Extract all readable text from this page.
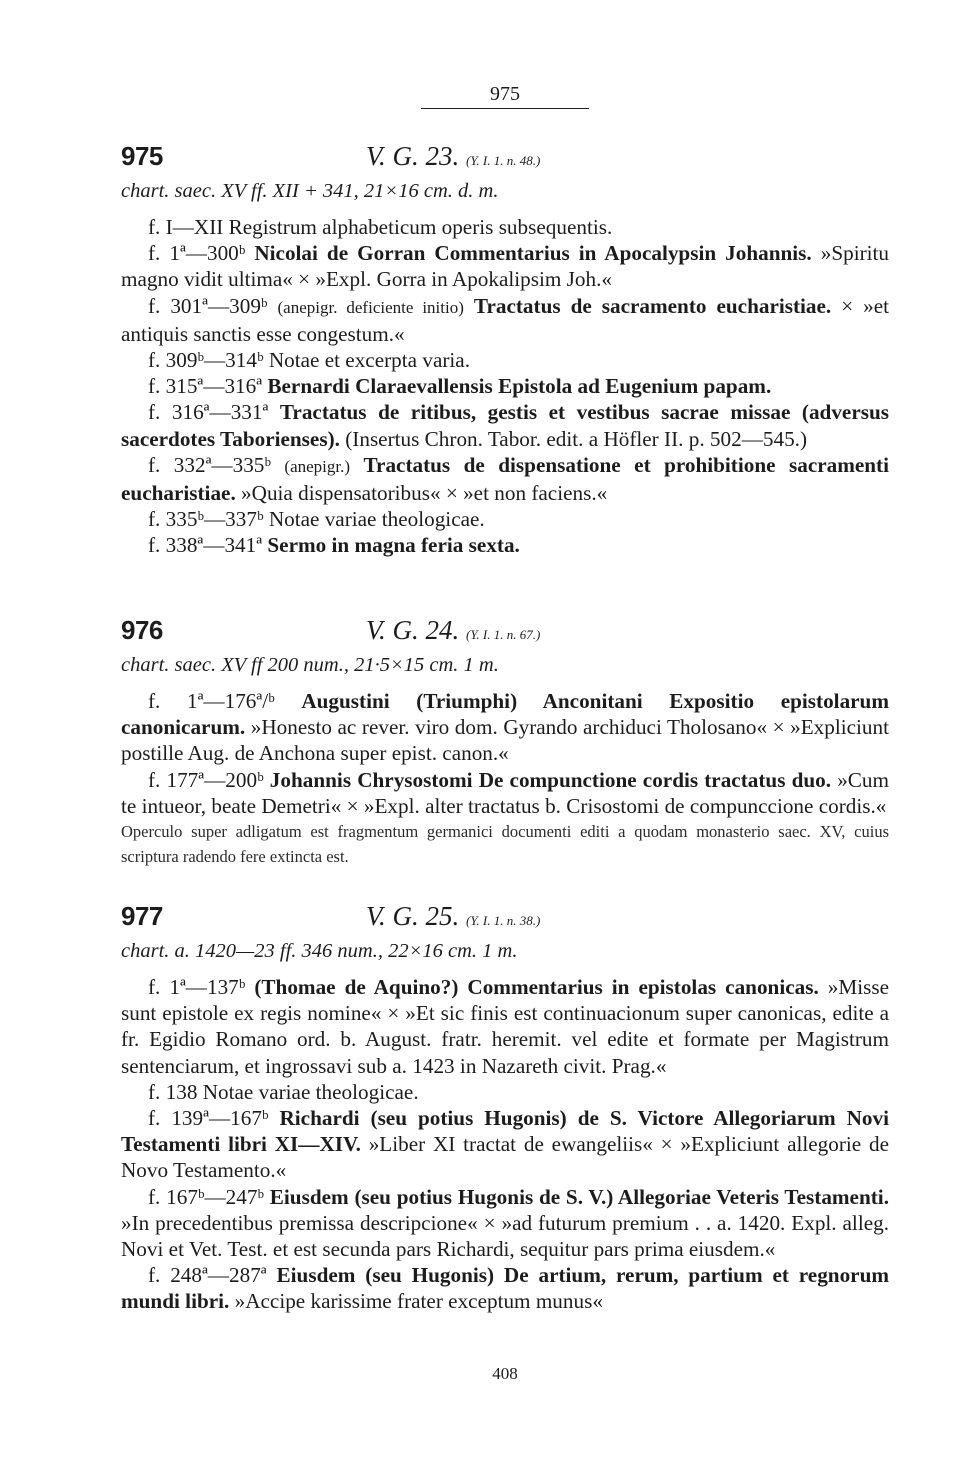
975
975	V. G. 23. (Y. I. 1. n. 48.)
chart. saec. XV ff. XII + 341, 21×16 cm. d. m.

f. I—XII Registrum alphabeticum operis subsequentis.

f. 1ª—300ᵇ Nicolai de Gorran Commentarius in Apocalypsin Johannis. »Spiritu magno vidit ultima« × »Expl. Gorra in Apokalipsim Joh.«

f. 301ª—309ᵇ (anepigr. deficiente initio) Tractatus de sacramento eucharistiae. × »et antiquis sanctis esse congestum.«

f. 309ᵇ—314ᵇ Notae et excerpta varia.

f. 315ª—316ª Bernardi Claraevallensis Epistola ad Eugenium papam.

f. 316ª—331ª Tractatus de ritibus, gestis et vestibus sacrae missae (adversus sacerdotes Taborienses). (Insertus Chron. Tabor. edit. a Höfler II. p. 502—545.)

f. 332ª—335ᵇ (anepigr.) Tractatus de dispensatione et prohibitione sacramenti eucharistiae. »Quia dispensatoribus« × »et non faciens.«

f. 335ᵇ—337ᵇ Notae variae theologicae.

f. 338ª—341ª Sermo in magna feria sexta.

976	V. G. 24. (Y. I. 1. n. 67.)
chart. saec. XV ff 200 num., 21·5×15 cm. 1 m.

f. 1ª—176ª/ᵇ Augustini (Triumphi) Anconitani Expositio epistolarum canonicarum. »Honesto ac rever. viro dom. Gyrando archiduci Tholosano« × »Expliciunt postille Aug. de Anchona super epist. canon.«

f. 177ª—200ᵇ Johannis Chrysostomi De compunctione cordis tractatus duo. »Cum te intueor, beate Demetri« × »Expl. alter tractatus b. Crisostomi de compunccione cordis.«

Operculo super adligatum est fragmentum germanici documenti editi a quodam monasterio saec. XV, cuius scriptura radendo fere extincta est.

977	V. G. 25. (Y. I. 1. n. 38.)
chart. a. 1420—23 ff. 346 num., 22×16 cm. 1 m.

f. 1ª—137ᵇ (Thomae de Aquino?) Commentarius in epistolas canonicas. »Misse sunt epistole ex regis nomine« × »Et sic finis est continuacionum super canonicas, edite a fr. Egidio Romano ord. b. August. fratr. heremit. vel edite et formate per Magistrum sentenciarum, et ingrossavi sub a. 1423 in Nazareth civit. Prag.«

f. 138 Notae variae theologicae.

f. 139ª—167ᵇ Richardi (seu potius Hugonis) de S. Victore Allegoriarum Novi Testamenti libri XI—XIV. »Liber XI tractat de ewangeliis« × »Expliciunt allegorie de Novo Testamento.«

f. 167ᵇ—247ᵇ Eiusdem (seu potius Hugonis de S. V.) Allegoriae Veteris Testamenti. »In precedentibus premissa descripcione« × »ad futurum premium . . a. 1420. Expl. alleg. Novi et Vet. Test. et est secunda pars Richardi, sequitur pars prima eiusdem.«

f. 248ª—287ª Eiusdem (seu Hugonis) De artium, rerum, partium et regnorum mundi libri. »Accipe karissime frater exceptum munus«

408
